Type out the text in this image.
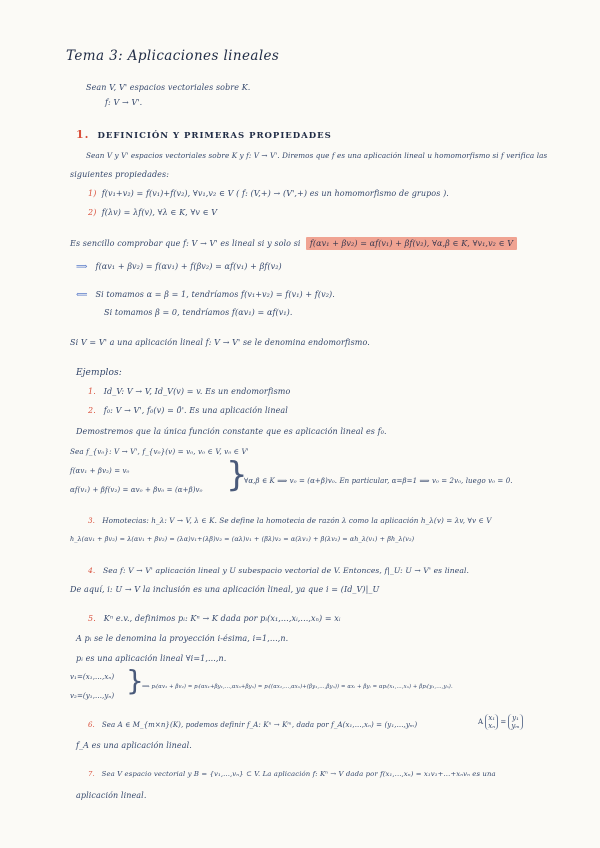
Tema 3: Aplicaciones lineales
Sean V, V' espacios vectoriales sobre K.
f: V → V'.
1. DEFINICIÓN Y PRIMERAS PROPIEDADES
Sean V y V' espacios vectoriales sobre K y f: V → V'. Diremos que f es una aplicación lineal u homomorfismo si f verifica las
siguientes propiedades:
1) f(v₁+v₂) = f(v₁)+f(v₂), ∀v₁,v₂ ∈ V ( f: (V,+) → (V',+) es un homomorfismo de grupos ).
2) f(λv) = λf(v), ∀λ ∈ K, ∀v ∈ V
Es sencillo comprobar que f: V → V' es lineal si y solo si f(αv₁ + βv₂) = αf(v₁) + βf(v₂), ∀α,β ∈ K, ∀v₁,v₂ ∈ V
⟹ f(αv₁ + βv₂) = f(αv₁) + f(βv₂) = αf(v₁) + βf(v₂)
⟸ Si tomamos α = β = 1, tendríamos f(v₁+v₂) = f(v₁) + f(v₂).
Si tomamos β = 0, tendríamos f(αv₁) = αf(v₁).
Si V = V' a una aplicación lineal f: V → V' se le denomina endomorfismo.
Ejemplos:
1. Id_V: V → V, Id_V(v) = v. Es un endomorfismo
2. f₀: V → V', f₀(v) = 0̄'. Es una aplicación lineal
Demostremos que la única función constante que es aplicación lineal es f₀.
Sea f_{v₀}: V → V', f_{v₀}(v) = v₀, v₀ ∈ V, v₀ ∈ V'
f(αv₁ + βv₂) = v₀
αf(v₁) + βf(v₂) = αv₀ + βv₀ = (α+β)v₀ }
∀α,β ∈ K ⟹ v₀ = (α+β)v₀. En particular, α=β=1 ⟹ v₀ = 2v₀, luego v₀ = 0.
3. Homotecias: h_λ: V → V, λ ∈ K. Se define la homotecia de razón λ como la aplicación h_λ(v) = λv, ∀v ∈ V
h_λ(αv₁ + βv₂) = λ(αv₁ + βv₂) = (λα)v₁+(λβ)v₂ = (αλ)v₁ + (βλ)v₂ = α(λv₁) + β(λv₂) = αh_λ(v₁) + βh_λ(v₂)
4. Sea f: V → V' aplicación lineal y U subespacio vectorial de V. Entonces, f|_U: U → V' es lineal.
De aquí, i: U → V la inclusión es una aplicación lineal, ya que i = (Id_V)|_U
5. Kⁿ e.v., definimos pᵢ: Kⁿ → K dada por pᵢ(x₁,...,xᵢ,...,xₙ) = xᵢ
A pᵢ se le denomina la proyección i-ésima, i=1,...,n.
pᵢ es una aplicación lineal ∀i=1,...,n.
v₁=(x₁,...,xₙ)
v₂=(y₁,...,yₙ) }
⟹ pᵢ(αv₁ + βv₂) = pᵢ(αx₁+βy₁,...,αxₙ+βyₙ) = pᵢ((αx₁,...,αxₙ)+(βy₁,...,βyₙ)) = αxᵢ + βyᵢ = αpᵢ(x₁,...,xₙ) + βpᵢ(y₁,...,yₙ).
6. Sea A ∈ M_{m×n}(K), podemos definir f_A: Kⁿ → Kᵐ, dada por f_A(x₁,...,xₙ) = (y₁,...,yₘ)	A x₁
xₙ = y₁
yₘ
f_A es una aplicación lineal.
7. Sea V espacio vectorial y B = {v₁,...,vₙ} ⊂ V. La aplicación f: Kⁿ → V dada por f(x₁,...,xₙ) = x₁v₁+...+xₙvₙ es una
aplicación lineal.
